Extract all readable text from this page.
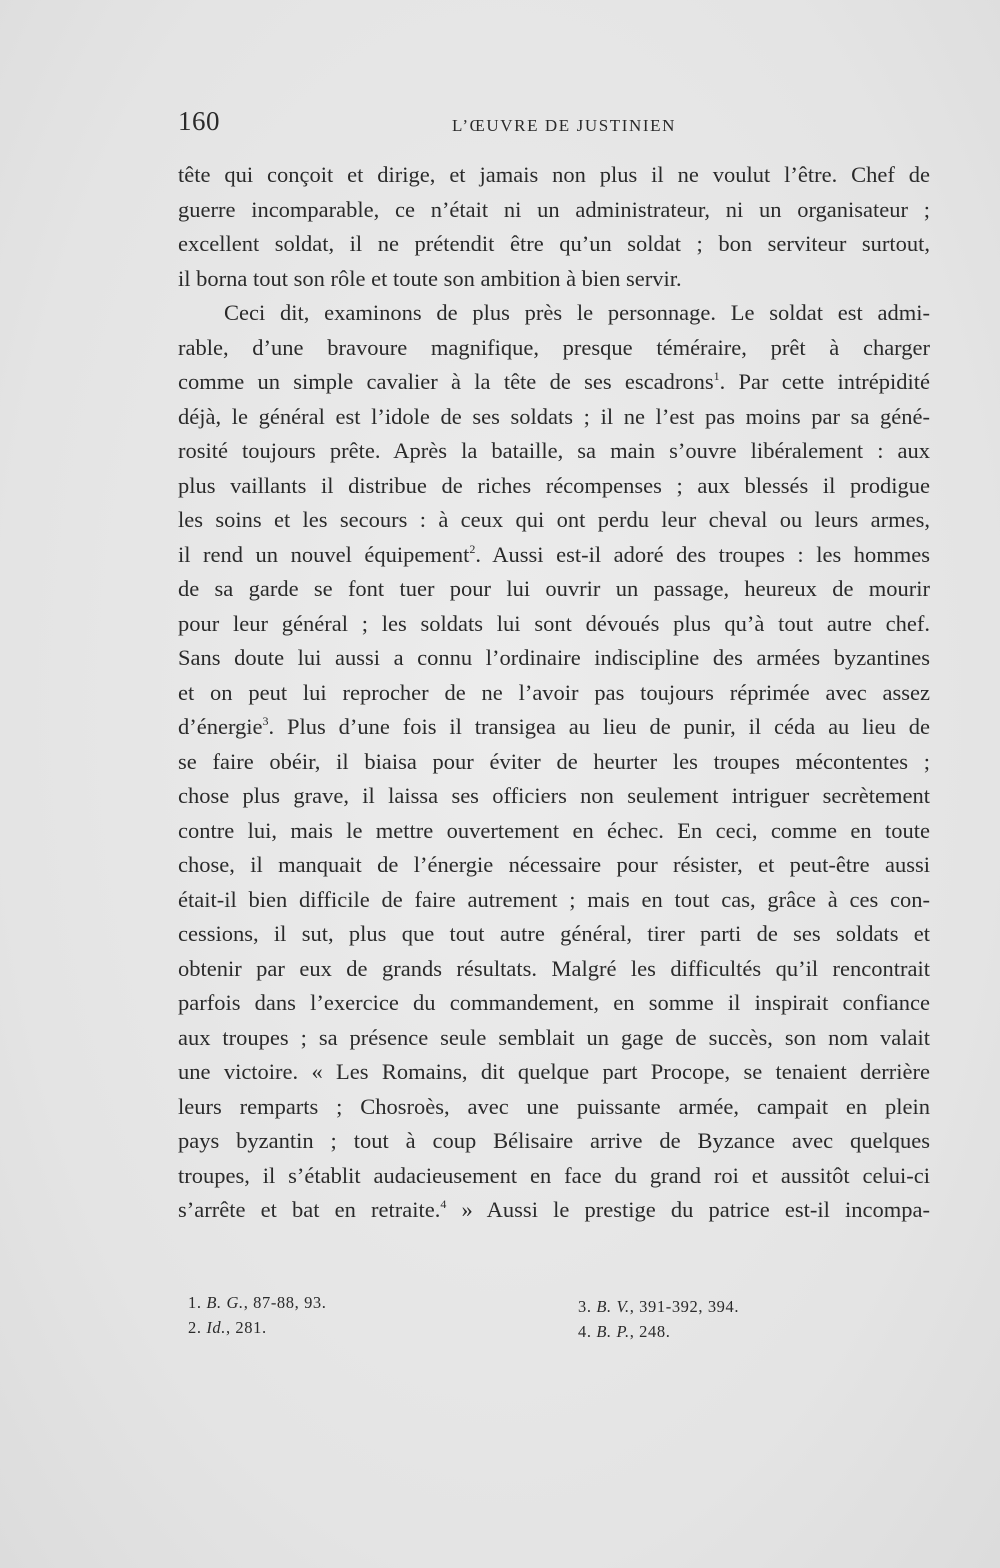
160	L’ŒUVRE DE JUSTINIEN
tête qui conçoit et dirige, et jamais non plus il ne voulut l’être. Chef de
guerre incomparable, ce n’était ni un administrateur, ni un organisateur ;
excellent soldat, il ne prétendit être qu’un soldat ; bon serviteur surtout,
il borna tout son rôle et toute son ambition à bien servir.
Ceci dit, examinons de plus près le personnage. Le soldat est admi-
rable, d’une bravoure magnifique, presque téméraire, prêt à charger
comme un simple cavalier à la tête de ses escadrons$^1$. Par cette intrépidité
déjà, le général est l’idole de ses soldats ; il ne l’est pas moins par sa géné-
rosité toujours prête. Après la bataille, sa main s’ouvre libéralement : aux
plus vaillants il distribue de riches récompenses ; aux blessés il prodigue
les soins et les secours : à ceux qui ont perdu leur cheval ou leurs armes,
il rend un nouvel équipement$^2$. Aussi est-il adoré des troupes : les hommes
de sa garde se font tuer pour lui ouvrir un passage, heureux de mourir
pour leur général ; les soldats lui sont dévoués plus qu’à tout autre chef.
Sans doute lui aussi a connu l’ordinaire indiscipline des armées byzantines
et on peut lui reprocher de ne l’avoir pas toujours réprimée avec assez
d’énergie$^3$. Plus d’une fois il transigea au lieu de punir, il céda au lieu de
se faire obéir, il biaisa pour éviter de heurter les troupes mécontentes ;
chose plus grave, il laissa ses officiers non seulement intriguer secrètement
contre lui, mais le mettre ouvertement en échec. En ceci, comme en toute
chose, il manquait de l’énergie nécessaire pour résister, et peut-être aussi
était-il bien difficile de faire autrement ; mais en tout cas, grâce à ces con-
cessions, il sut, plus que tout autre général, tirer parti de ses soldats et
obtenir par eux de grands résultats. Malgré les difficultés qu’il rencontrait
parfois dans l’exercice du commandement, en somme il inspirait confiance
aux troupes ; sa présence seule semblait un gage de succès, son nom valait
une victoire. « Les Romains, dit quelque part Procope, se tenaient derrière
leurs remparts ; Chosroès, avec une puissante armée, campait en plein
pays byzantin ; tout à coup Bélisaire arrive de Byzance avec quelques
troupes, il s’établit audacieusement en face du grand roi et aussitôt celui-ci
s’arrête et bat en retraite.$^4$ » Aussi le prestige du patrice est-il incompa-
1. B. G., 87-88, 93.
2. Id., 281.
3. B. V., 391-392, 394.
4. B. P., 248.
